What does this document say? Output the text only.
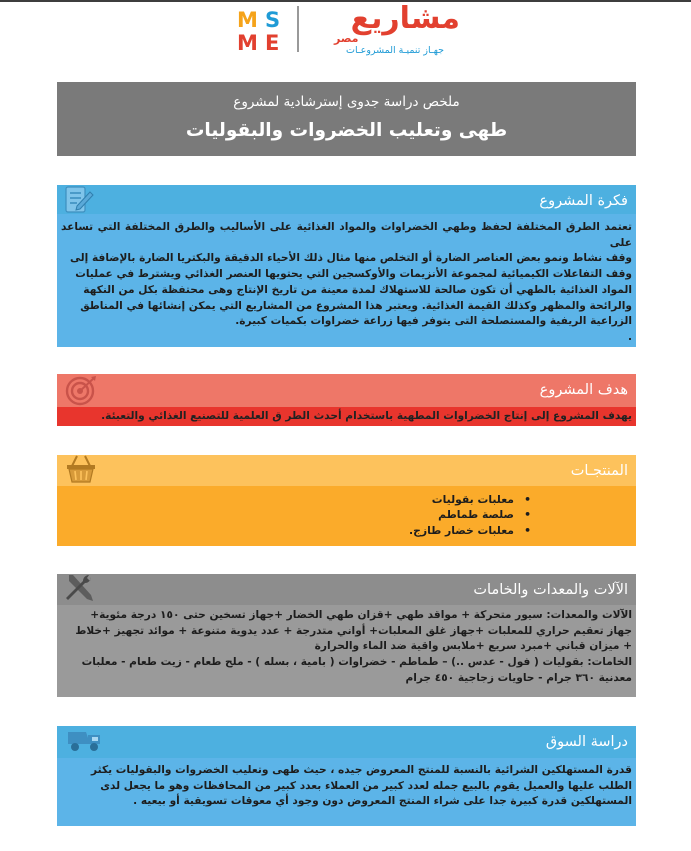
M S
M E
مشاريع
مصر
جهـاز تنميـة المشروعـات
ملخص دراسة جدوى إسترشادية لمشروع
طهى وتعليب الخضروات والبقوليات
فكرة المشروع
تعتمد الطرق المختلفة لحفظ وطهي الخضراوات والمواد الغذائية على الأساليب والطرق المختلفة التي تساعد على
وقف نشاط ونمو بعض العناصر الضارة أو التخلص منها مثال ذلك الأحياء الدقيقة والبكتريا الضارة بالإضافة إلى
وقف التفاعلات الكيميائية لمجموعة الأنزيمات والأوكسجين التي يحتويها العنصر الغذائي ويشترط في عمليات
المواد الغذائية بالطهي أن تكون صالحة للاستهلاك لمدة معينة من تاريخ الإنتاج وهى محتفظة بكل من النكهة
والرائحة والمظهر وكذلك القيمة الغذائية. ويعتبر هذا المشروع من المشاريع التي يمكن إنشائها في المناطق
الزراعية الريفية والمستصلحة التى يتوفر فيها زراعة خضراوات بكميات كبيرة.
.
هدف المشروع
يهدف المشروع إلى إنتاج الخضراوات المطهية باستخدام أحدث الطر ق العلمية للتصنيع الغذائي والتعبئة.
المنتجـات
•
معلبات بقوليات
•
صلصة طماطم
•
معلبات خضار طازج.
الآلات والمعدات والخامات
الآلات والمعدات: سيور متحركة + مواقد طهي +قزان طهي الخضار +جهاز تسخين حتى ١٥٠ درجة مئوية+
جهاز تعقيم حراري للمعلبات +جهاز غلق المعلبات+ أواني متدرجة + عدد يدوية متنوعة + موائد تجهيز +خلاط
+ ميزان قباني +مبرد سريع +ملابس واقية ضد الماء والحرارة
الخامات: بقوليات ( فول - عدس ..) – طماطم - خضراوات ( بامية ، بسله ) - ملح طعام - زيت طعام - معلبات
معدنية ٣٦٠ جرام - حاويات زجاجية ٤٥٠ جرام
دراسة السوق
قدرة المستهلكين الشرائية بالنسبة للمنتج المعروض جيده ، حيث طهى وتعليب الخضروات والبقوليات يكثر
الطلب عليها والعميل يقوم بالبيع جمله لعدد كبير من العملاء بعدد كبير من المحافظات وهو ما يجعل لدى
المستهلكين قدرة كبيرة جدا على شراء المنتج المعروض دون وجود أي معوقات تسويقية أو بيعيه .
